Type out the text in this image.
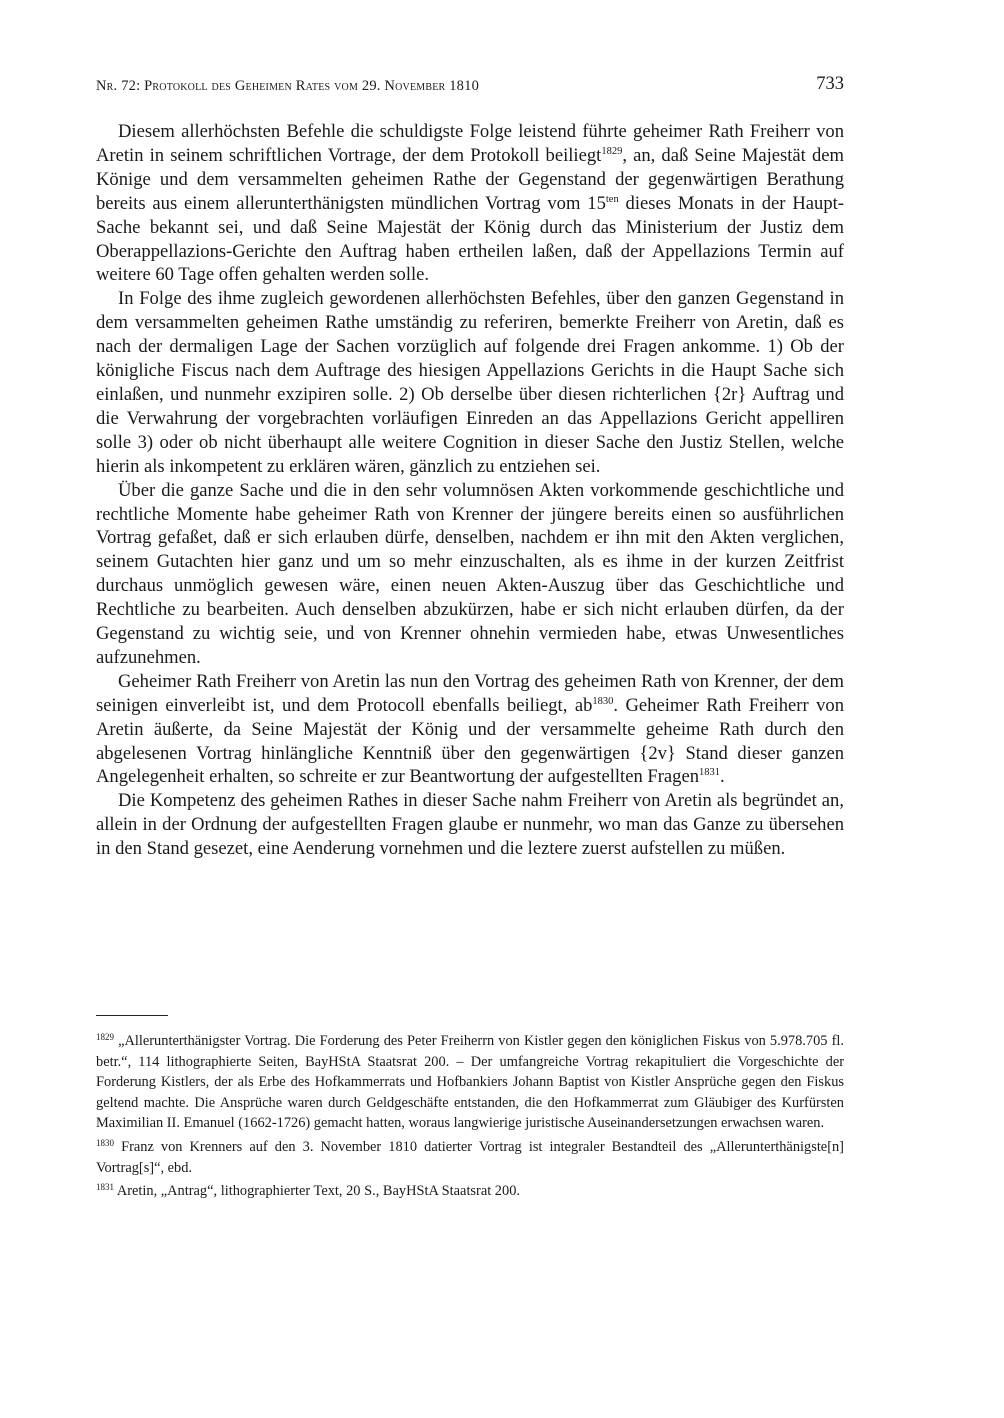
Nr. 72: Protokoll des Geheimen Rates vom 29. November 1810	733

Diesem allerhöchsten Befehle die schuldigste Folge leistend führte geheimer Rath Freiherr von Aretin in seinem schriftlichen Vortrage, der dem Protokoll beiliegt$^{1829}$, an, daß Seine Majestät dem Könige und dem versammelten geheimen Rathe der Gegenstand der gegenwärtigen Berathung bereits aus einem allerunterthänigsten mündlichen Vortrag vom $15^{ten}$ dieses Monats in der Haupt-Sache bekannt sei, und daß Seine Majestät der König durch das Ministerium der Justiz dem Oberappellazions-Gerichte den Auftrag haben ertheilen laßen, daß der Appellazions Termin auf weitere 60 Tage offen gehalten werden solle.

In Folge des ihme zugleich gewordenen allerhöchsten Befehles, über den ganzen Gegenstand in dem versammelten geheimen Rathe umständig zu referiren, bemerkte Freiherr von Aretin, daß es nach der dermaligen Lage der Sachen vorzüglich auf folgende drei Fragen ankomme. 1) Ob der königliche Fiscus nach dem Auftrage des hiesigen Appellazions Gerichts in die Haupt Sache sich einlaßen, und nunmehr exzipiren solle. 2) Ob derselbe über diesen richterlichen {2r} Auftrag und die Verwahrung der vorgebrachten vorläufigen Einreden an das Appellazions Gericht appelliren solle 3) oder ob nicht überhaupt alle weitere Cognition in dieser Sache den Justiz Stellen, welche hierin als inkompetent zu erklären wären, gänzlich zu entziehen sei.

Über die ganze Sache und die in den sehr volumnösen Akten vorkommende geschichtliche und rechtliche Momente habe geheimer Rath von Krenner der jüngere bereits einen so ausführlichen Vortrag gefaßet, daß er sich erlauben dürfe, denselben, nachdem er ihn mit den Akten verglichen, seinem Gutachten hier ganz und um so mehr einzuschalten, als es ihme in der kurzen Zeitfrist durchaus unmöglich gewesen wäre, einen neuen Akten-Auszug über das Geschichtliche und Rechtliche zu bearbeiten. Auch denselben abzukürzen, habe er sich nicht erlauben dürfen, da der Gegenstand zu wichtig seie, und von Krenner ohnehin vermieden habe, etwas Unwesentliches aufzunehmen.

Geheimer Rath Freiherr von Aretin las nun den Vortrag des geheimen Rath von Krenner, der dem seinigen einverleibt ist, und dem Protocoll ebenfalls beiliegt, $ab^{1830}$. Geheimer Rath Freiherr von Aretin äußerte, da Seine Majestät der König und der versammelte geheime Rath durch den abgelesenen Vortrag hinlängliche Kenntniß über den gegenwärtigen {2v} Stand dieser ganzen Angelegenheit erhalten, so schreite er zur Beantwortung der aufgestellten Fragen$^{1831}$.

Die Kompetenz des geheimen Rathes in dieser Sache nahm Freiherr von Aretin als begründet an, allein in der Ordnung der aufgestellten Fragen glaube er nunmehr, wo man das Ganze zu übersehen in den Stand gesezet, eine Aenderung vornehmen und die leztere zuerst aufstellen zu müßen.

$^{1829}$ „Allerunterthänigster Vortrag. Die Forderung des Peter Freiherrn von Kistler gegen den königlichen Fiskus von 5.978.705 fl. betr.“, 114 lithographierte Seiten, BayHStA Staatsrat 200. – Der umfangreiche Vortrag rekapituliert die Vorgeschichte der Forderung Kistlers, der als Erbe des Hofkammerrats und Hofbankiers Johann Baptist von Kistler Ansprüche gegen den Fiskus geltend machte. Die Ansprüche waren durch Geldgeschäfte entstanden, die den Hofkammerrat zum Gläubiger des Kurfürsten Maximilian II. Emanuel (1662-1726) gemacht hatten, woraus langwierige juristische Auseinandersetzungen erwachsen waren.

$^{1830}$ Franz von Krenners auf den 3. November 1810 datierter Vortrag ist integraler Bestandteil des „Allerunterthänigste[n] Vortrag[s]“, ebd.

$^{1831}$ Aretin, „Antrag“, lithographierter Text, 20 S., BayHStA Staatsrat 200.
